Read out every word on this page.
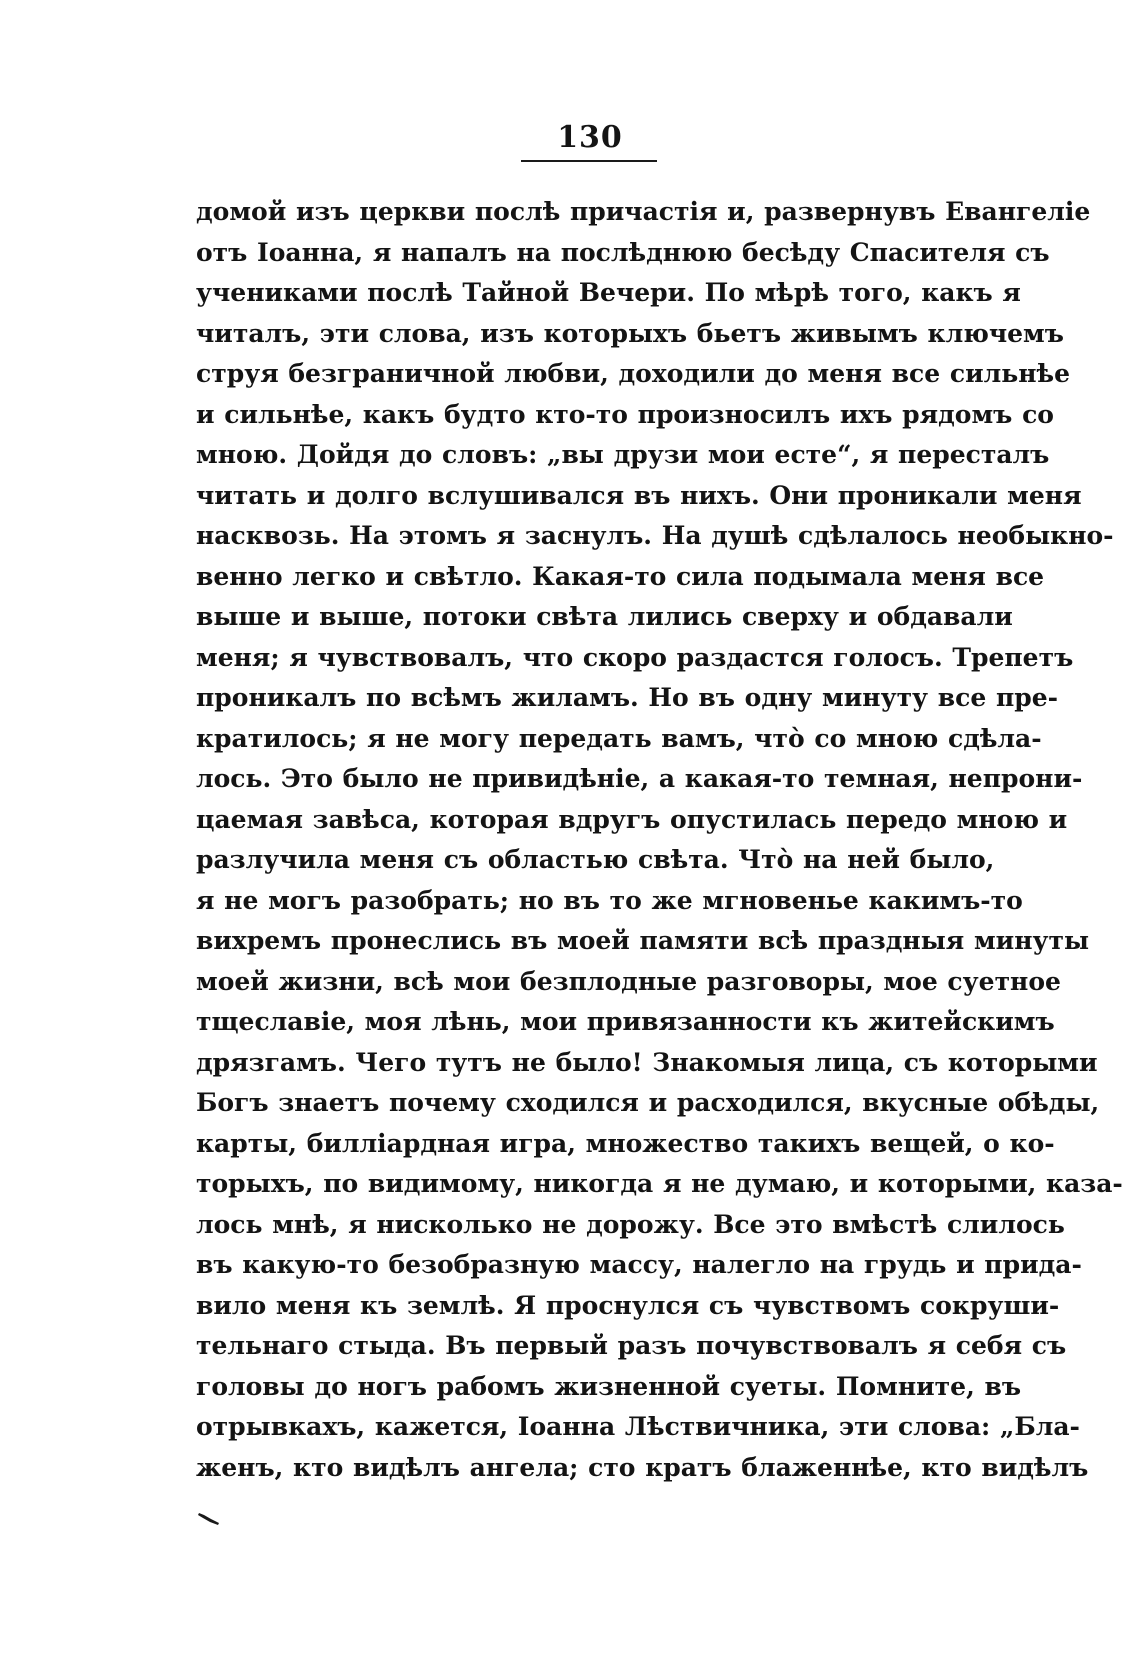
130
домой изъ церкви послѣ причастія и, развернувъ Евангеліе
отъ Іоанна, я напалъ на послѣднюю бесѣду Спасителя съ
учениками послѣ Тайной Вечери. По мѣрѣ того, какъ я
читалъ, эти слова, изъ которыхъ бьетъ живымъ ключемъ
струя безграничной любви, доходили до меня все сильнѣе
и сильнѣе, какъ будто кто-то произносилъ ихъ рядомъ со
мною. Дойдя до словъ: „вы друзи мои есте“, я пересталъ
читать и долго вслушивался въ нихъ. Они проникали меня
насквозь. На этомъ я заснулъ. На душѣ сдѣлалось необыкно-
венно легко и свѣтло. Какая-то сила подымала меня все
выше и выше, потоки свѣта лились сверху и обдавали
меня; я чувствовалъ, что скоро раздастся голосъ. Трепетъ
проникалъ по всѣмъ жиламъ. Но въ одну минуту все пре-
кратилось; я не могу передать вамъ, чтò со мною сдѣла-
лось. Это было не привидѣніе, а какая-то темная, непрони-
цаемая завѣса, которая вдругъ опустилась передо мною и
разлучила меня съ областью свѣта. Чтò на ней было,
я не могъ разобрать; но въ то же мгновенье какимъ-то
вихремъ пронеслись въ моей памяти всѣ праздныя минуты
моей жизни, всѣ мои безплодные разговоры, мое суетное
тщеславіе, моя лѣнь, мои привязанности къ житейскимъ
дрязгамъ. Чего тутъ не было! Знакомыя лица, съ которыми
Богъ знаетъ почему сходился и расходился, вкусные обѣды,
карты, билліардная игра, множество такихъ вещей, о ко-
торыхъ, по видимому, никогда я не думаю, и которыми, каза-
лось мнѣ, я нисколько не дорожу. Все это вмѣстѣ слилось
въ какую-то безобразную массу, налегло на грудь и прида-
вило меня къ землѣ. Я проснулся съ чувствомъ сокруши-
тельнаго стыда. Въ первый разъ почувствовалъ я себя съ
головы до ногъ рабомъ жизненной суеты. Помните, въ
отрывкахъ, кажется, Іоанна Лѣствичника, эти слова: „Бла-
женъ, кто видѣлъ ангела; сто кратъ блаженнѣе, кто видѣлъ
